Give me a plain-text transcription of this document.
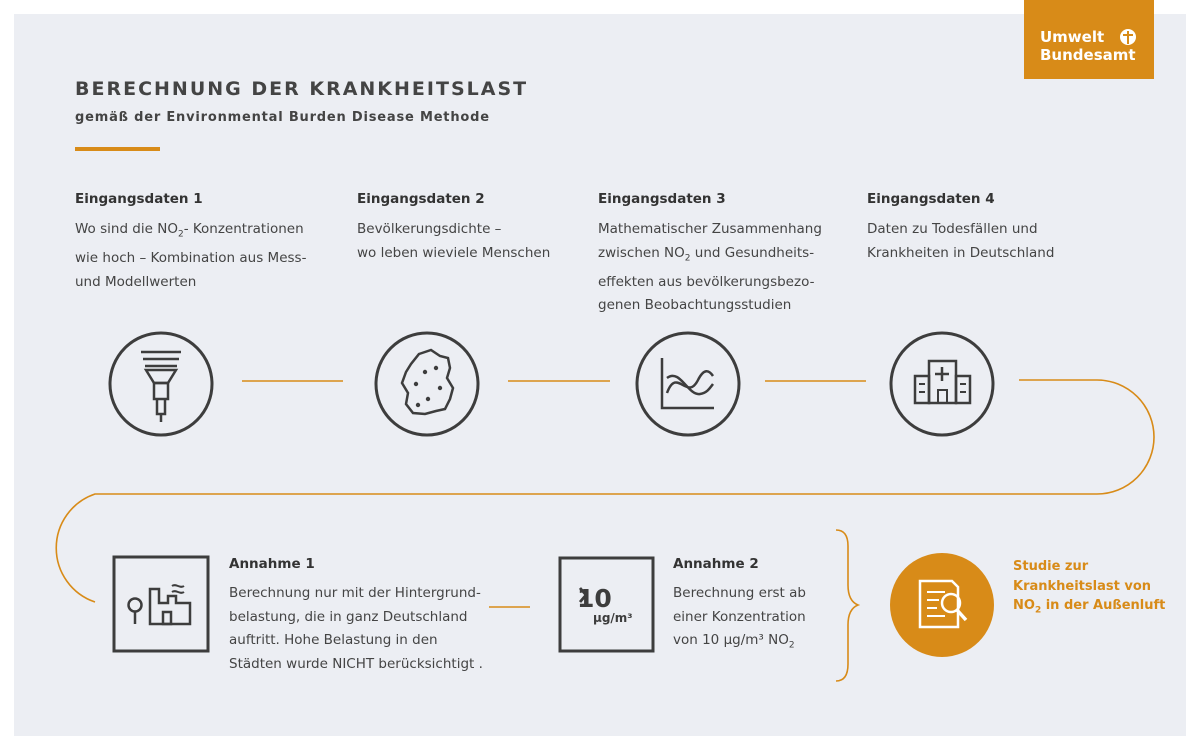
Umwelt
Bundesamt
BERECHNUNG DER KRANKHEITSLAST
gemäß der Environmental Burden Disease Methode
Eingangsdaten 1
Wo sind die $NO_2-$ Konzentrationen
wie hoch – Kombination aus Mess-
und Modellwerten
Eingangsdaten 2
Bevölkerungsdichte –
wo leben wieviele Menschen
Eingangsdaten 3
Mathematischer Zusammenhang
zwischen $NO_2$ und Gesundheits-
effekten aus bevölkerungsbezo-
genen Beobachtungsstudien
Eingangsdaten 4
Daten zu Todesfällen und
Krankheiten in Deutschland
Annahme 1
Berechnung nur mit der Hintergrund-
belastung, die in ganz Deutschland
auftritt. Hohe Belastung in den
Städten wurde NICHT berücksichtigt .
Annahme 2
Berechnung erst ab
einer Konzentration
von 10 µg/m³ $NO_2$
Studie zur
Krankheitslast von
$NO_2$ in der Außenluft
10
µg/m³
